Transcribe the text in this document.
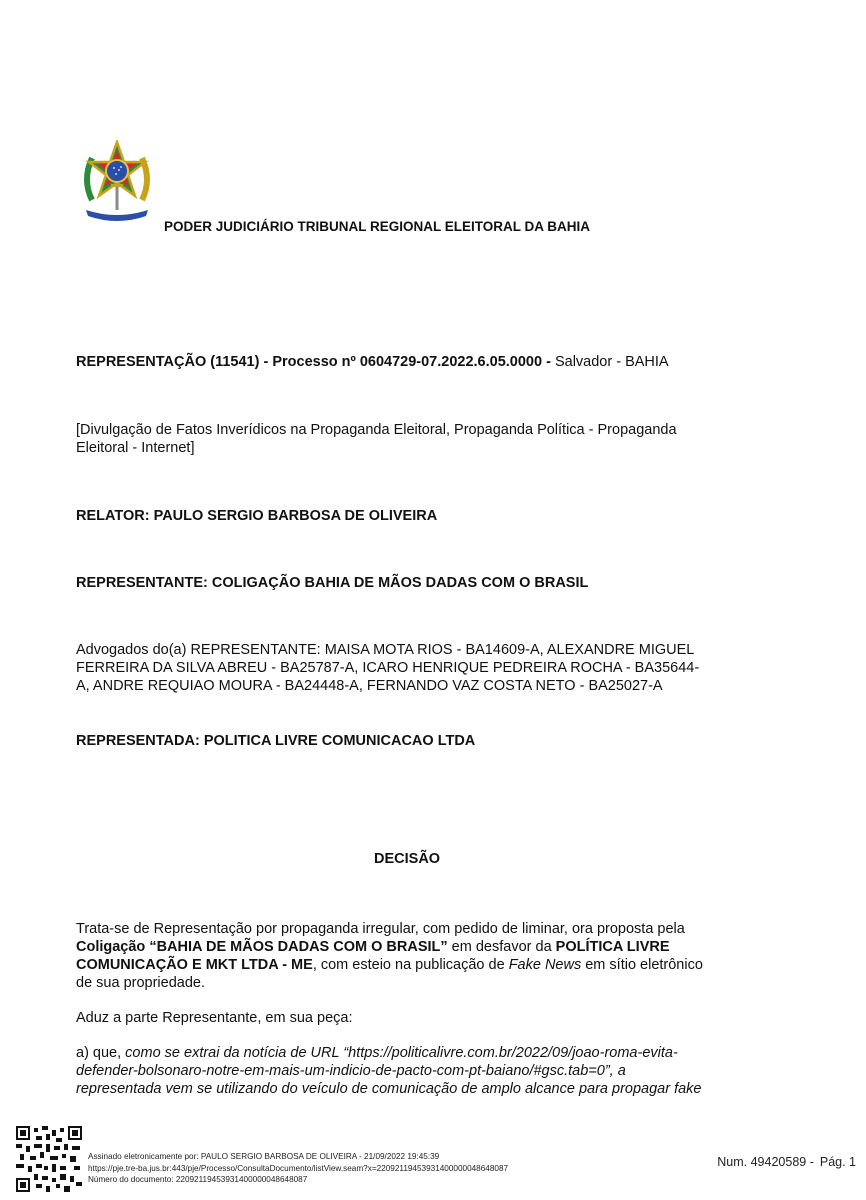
PODER JUDICIÁRIO TRIBUNAL REGIONAL ELEITORAL DA BAHIA
REPRESENTAÇÃO (11541) - Processo nº 0604729-07.2022.6.05.0000 - Salvador - BAHIA
[Divulgação de Fatos Inverídicos na Propaganda Eleitoral, Propaganda Política - Propaganda
Eleitoral - Internet]
RELATOR: PAULO SERGIO BARBOSA DE OLIVEIRA
REPRESENTANTE: COLIGAÇÃO BAHIA DE MÃOS DADAS COM O BRASIL
Advogados do(a) REPRESENTANTE: MAISA MOTA RIOS - BA14609-A, ALEXANDRE MIGUEL
FERREIRA DA SILVA ABREU - BA25787-A, ICARO HENRIQUE PEDREIRA ROCHA - BA35644-
A, ANDRE REQUIAO MOURA - BA24448-A, FERNANDO VAZ COSTA NETO - BA25027-A
REPRESENTADA: POLITICA LIVRE COMUNICACAO LTDA
DECISÃO
Trata-se de Representação por propaganda irregular, com pedido de liminar, ora proposta pela
Coligação “BAHIA DE MÃOS DADAS COM O BRASIL” em desfavor da POLÍTICA LIVRE
COMUNICAÇÃO E MKT LTDA - ME, com esteio na publicação de Fake News em sítio eletrônico
de sua propriedade.
Aduz a parte Representante, em sua peça:
a) que, como se extrai da notícia de URL “https://politicalivre.com.br/2022/09/joao-roma-evita-
defender-bolsonaro-notre-em-mais-um-indicio-de-pacto-com-pt-baiano/#gsc.tab=0”, a
representada vem se utilizando do veículo de comunicação de amplo alcance para propagar fake
Assinado eletronicamente por: PAULO SERGIO BARBOSA DE OLIVEIRA - 21/09/2022 19:45:39
https://pje.tre-ba.jus.br:443/pje/Processo/ConsultaDocumento/listView.seam?x=22092119453931400000048648087
Número do documento: 22092119453931400000048648087
Num. 49420589 - Pág. 1
